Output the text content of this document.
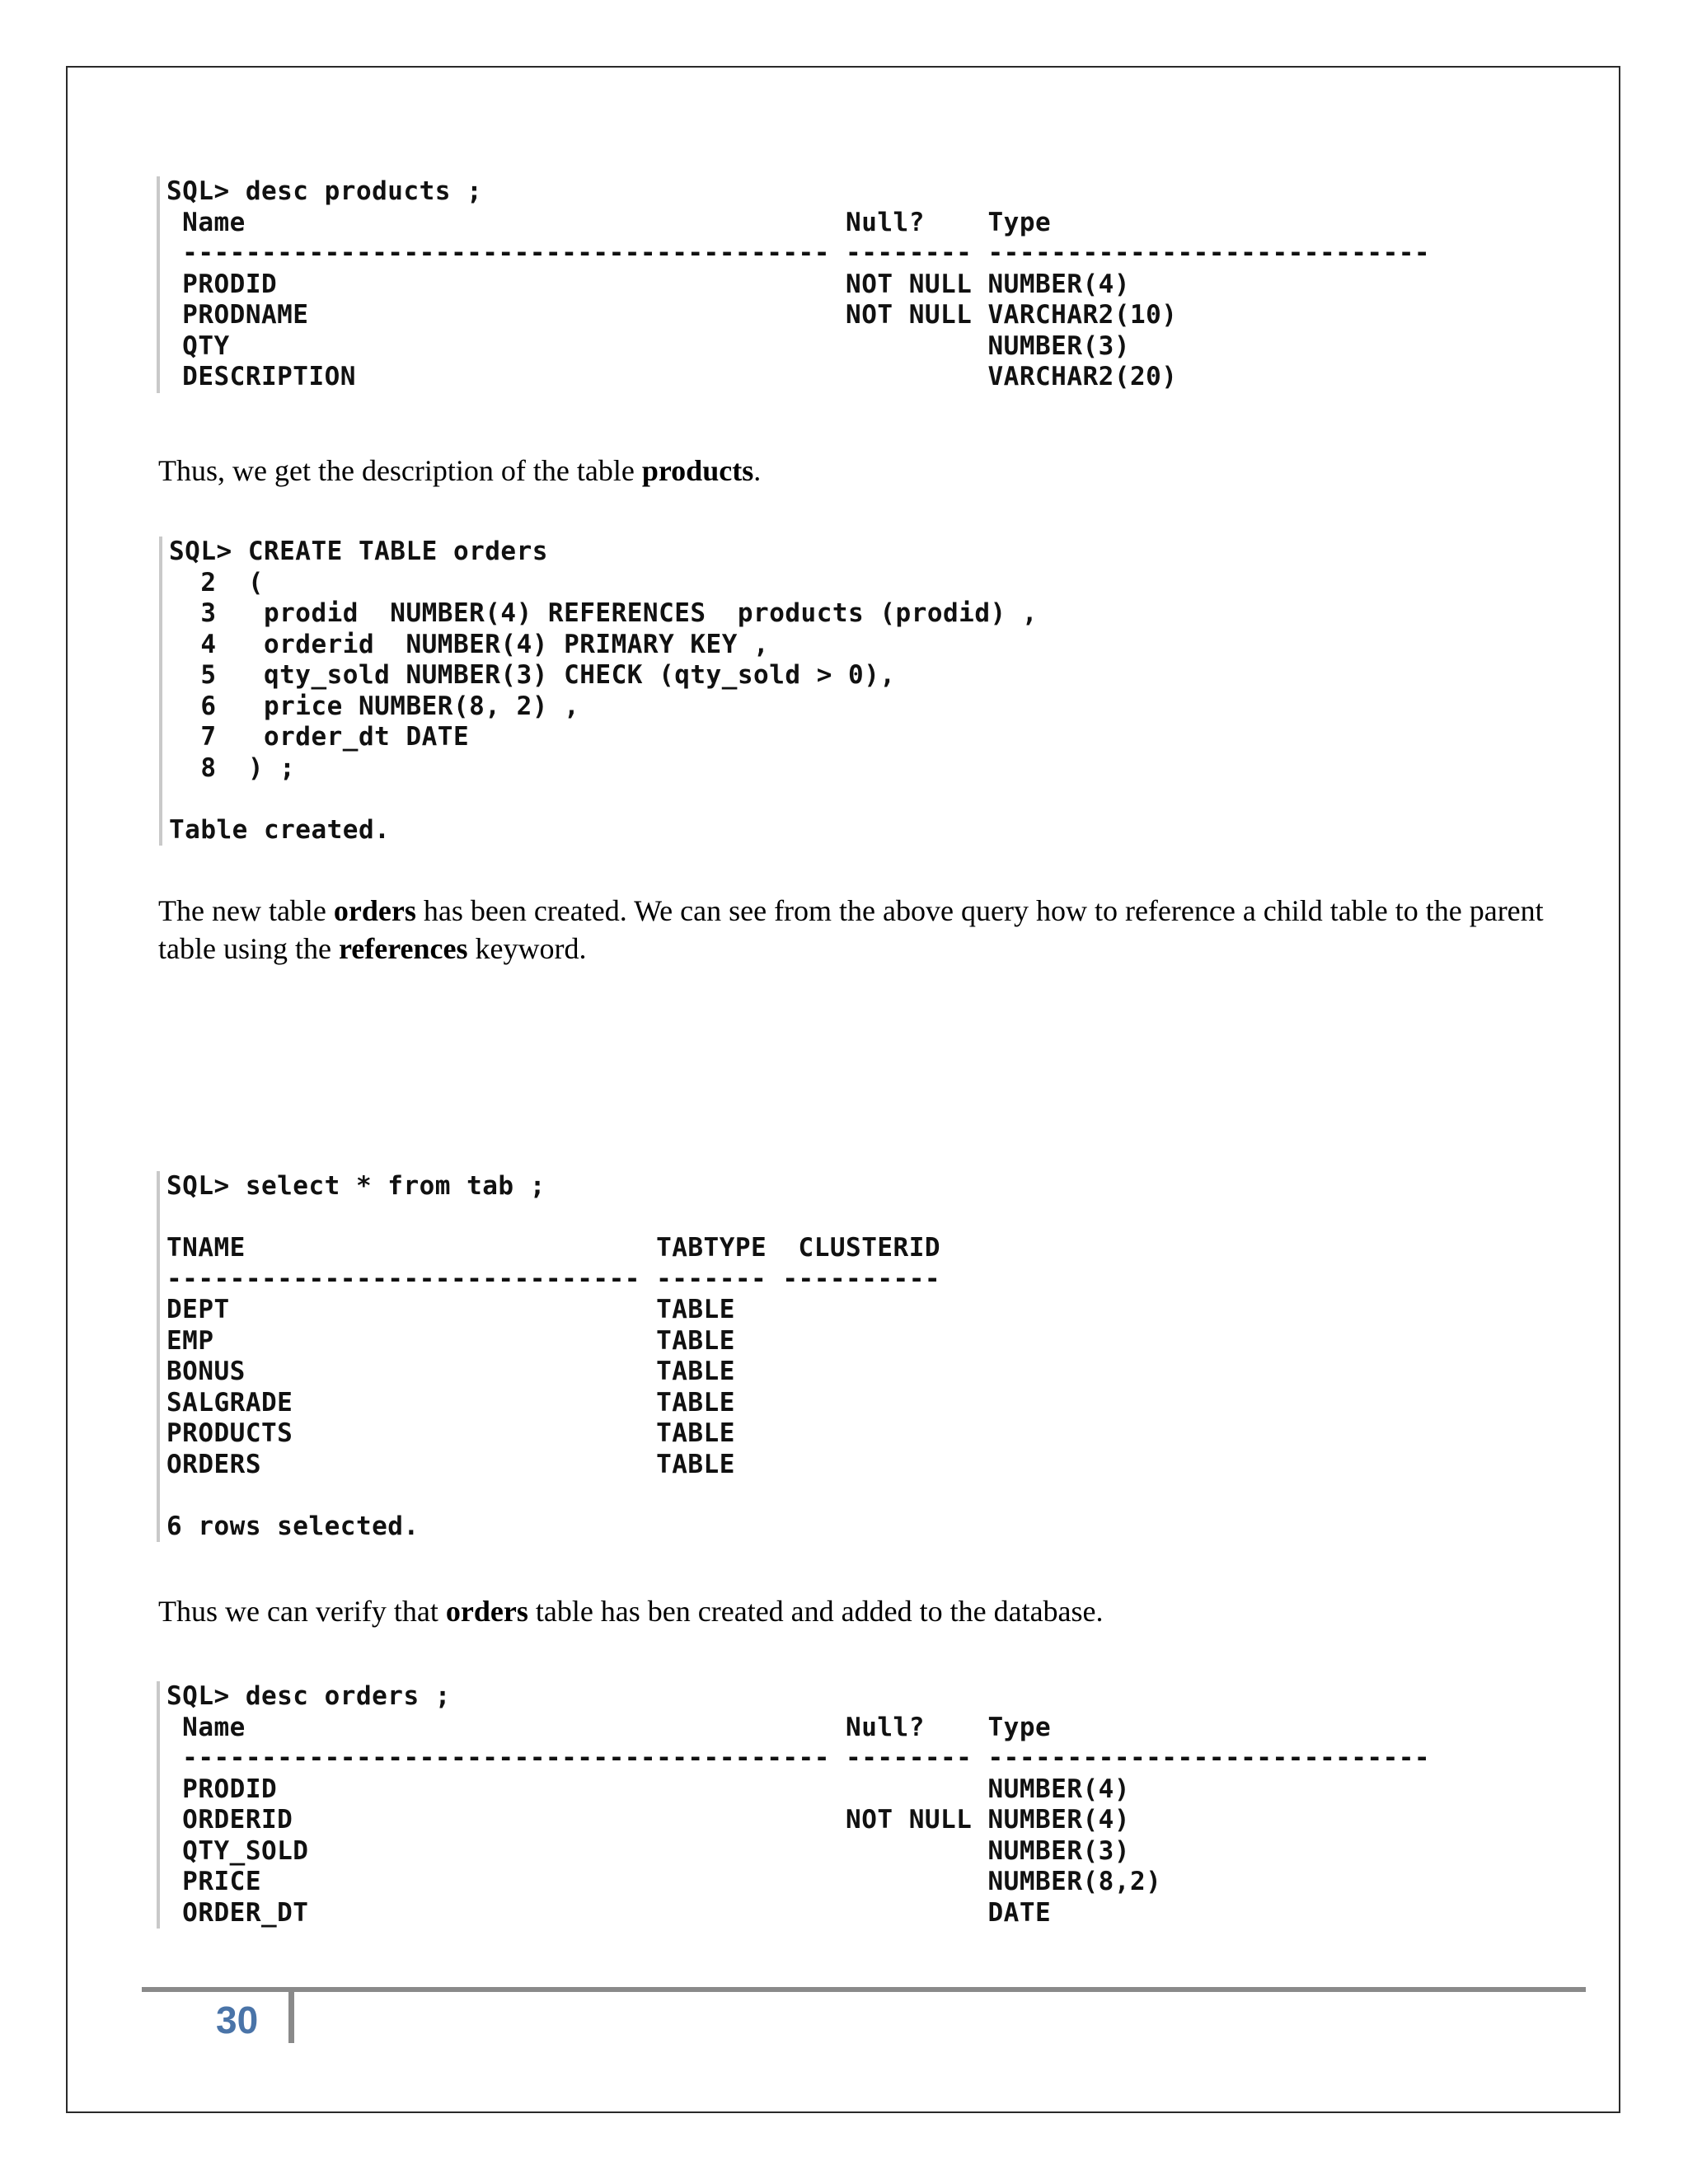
SQL> desc products ;
Name                                      Null?    Type
----------------------------------------- -------- ----------------------------
PRODID                                    NOT NULL NUMBER(4)
PRODNAME                                  NOT NULL VARCHAR2(10)
QTY                                                NUMBER(3)
DESCRIPTION                                        VARCHAR2(20)

Thus, we get the description of the table products.

SQL> CREATE TABLE orders
2  (
3   prodid  NUMBER(4) REFERENCES  products (prodid) ,
4   orderid  NUMBER(4) PRIMARY KEY ,
5   qty_sold NUMBER(3) CHECK (qty_sold > 0),
6   price NUMBER(8, 2) ,
7   order_dt DATE
8  ) ;

Table created.

The new table orders has been created. We can see from the above query how to reference a child table to the parent table using the references keyword.

SQL> select * from tab ;

TNAME                          TABTYPE  CLUSTERID
------------------------------ ------- ----------
DEPT                           TABLE
EMP                            TABLE
BONUS                          TABLE
SALGRADE                       TABLE
PRODUCTS                       TABLE
ORDERS                         TABLE

6 rows selected.

Thus we can verify that orders table has ben created and added to the database.

SQL> desc orders ;
Name                                      Null?    Type
----------------------------------------- -------- ----------------------------
PRODID                                             NUMBER(4)
ORDERID                                   NOT NULL NUMBER(4)
QTY_SOLD                                           NUMBER(3)
PRICE                                              NUMBER(8,2)
ORDER_DT                                           DATE
30
